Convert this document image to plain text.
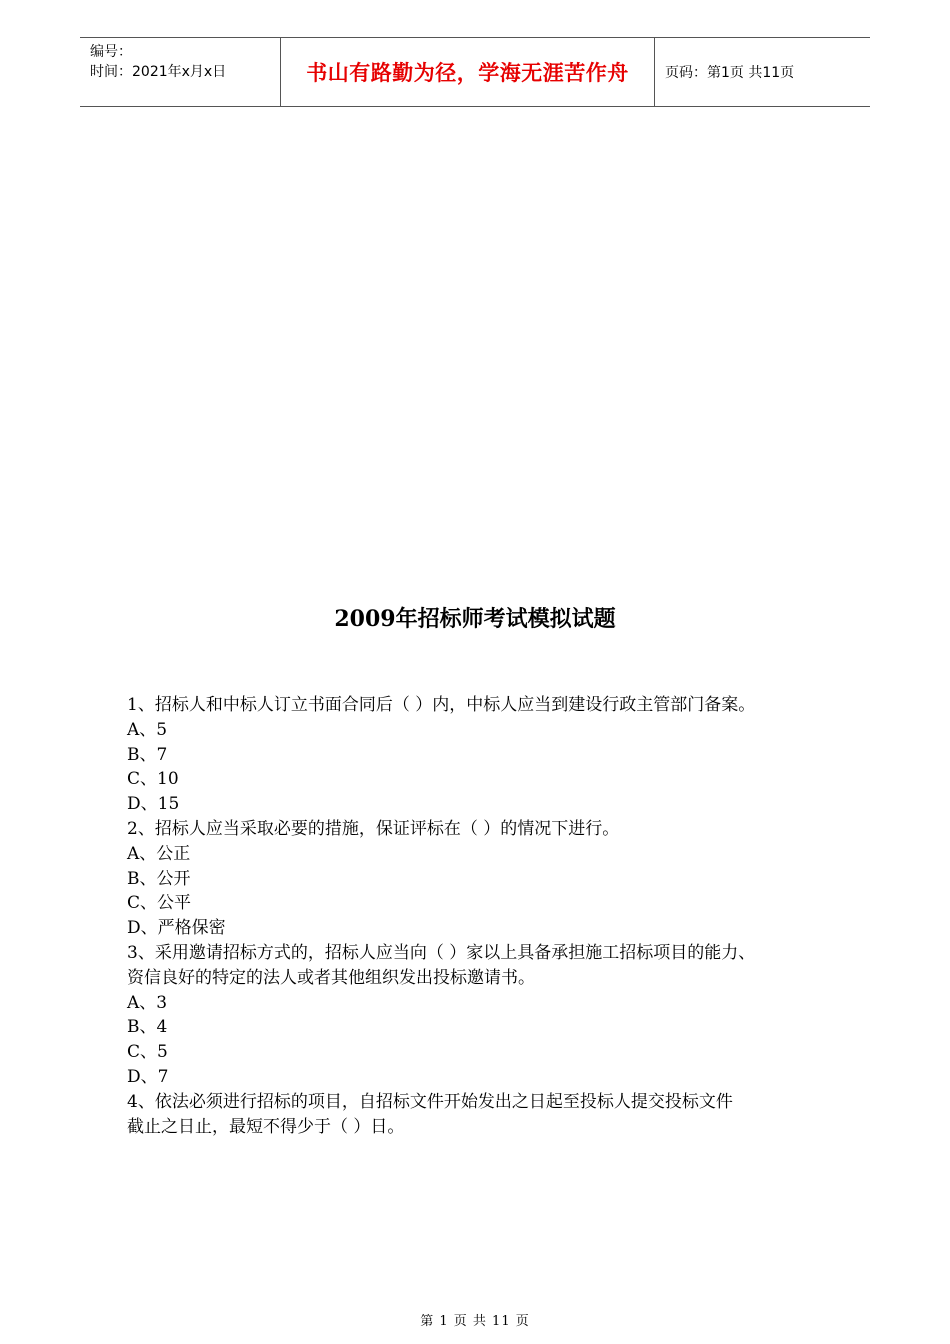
编号：
时间：2021年x月x日	书山有路勤为径，学海无涯苦作舟	页码：第1页 共11页
2009年招标师考试模拟试题
1、招标人和中标人订立书面合同后（ ）内，中标人应当到建设行政主管部门备案。
A、5
B、7
C、10
D、15
2、招标人应当采取必要的措施，保证评标在（ ）的情况下进行。
A、公正
B、公开
C、公平
D、严格保密
3、采用邀请招标方式的，招标人应当向（ ）家以上具备承担施工招标项目的能力、
资信良好的特定的法人或者其他组织发出投标邀请书。
A、3
B、4
C、5
D、7
4、依法必须进行招标的项目，自招标文件开始发出之日起至投标人提交投标文件
截止之日止，最短不得少于（ ）日。
第 1 页 共 11 页
